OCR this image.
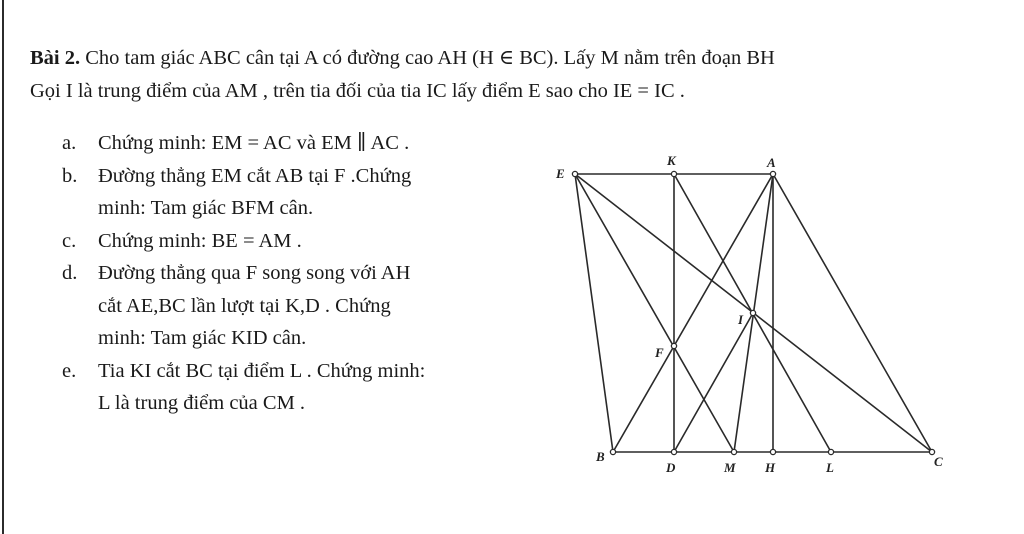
Bài 2. Cho tam giác ABC cân tại A có đường cao AH (H ∈ BC). Lấy M nằm trên đoạn BH
Gọi I là trung điểm của AM , trên tia đối của tia IC lấy điểm E sao cho IE = IC .
a.	Chứng minh: EM = AC và EM ∥ AC .
b.	Đường thẳng EM cắt AB tại F .Chứng
minh: Tam giác BFM cân.
c.	Chứng minh: BE = AM .
d.	Đường thẳng qua F song song với AH
cắt AE,BC lần lượt tại K,D . Chứng
minh: Tam giác KID cân.
e.	Tia KI cắt BC tại điểm L . Chứng minh:
L là trung điểm của CM .
E
K	A
I
F
B
D	M H	L	C
